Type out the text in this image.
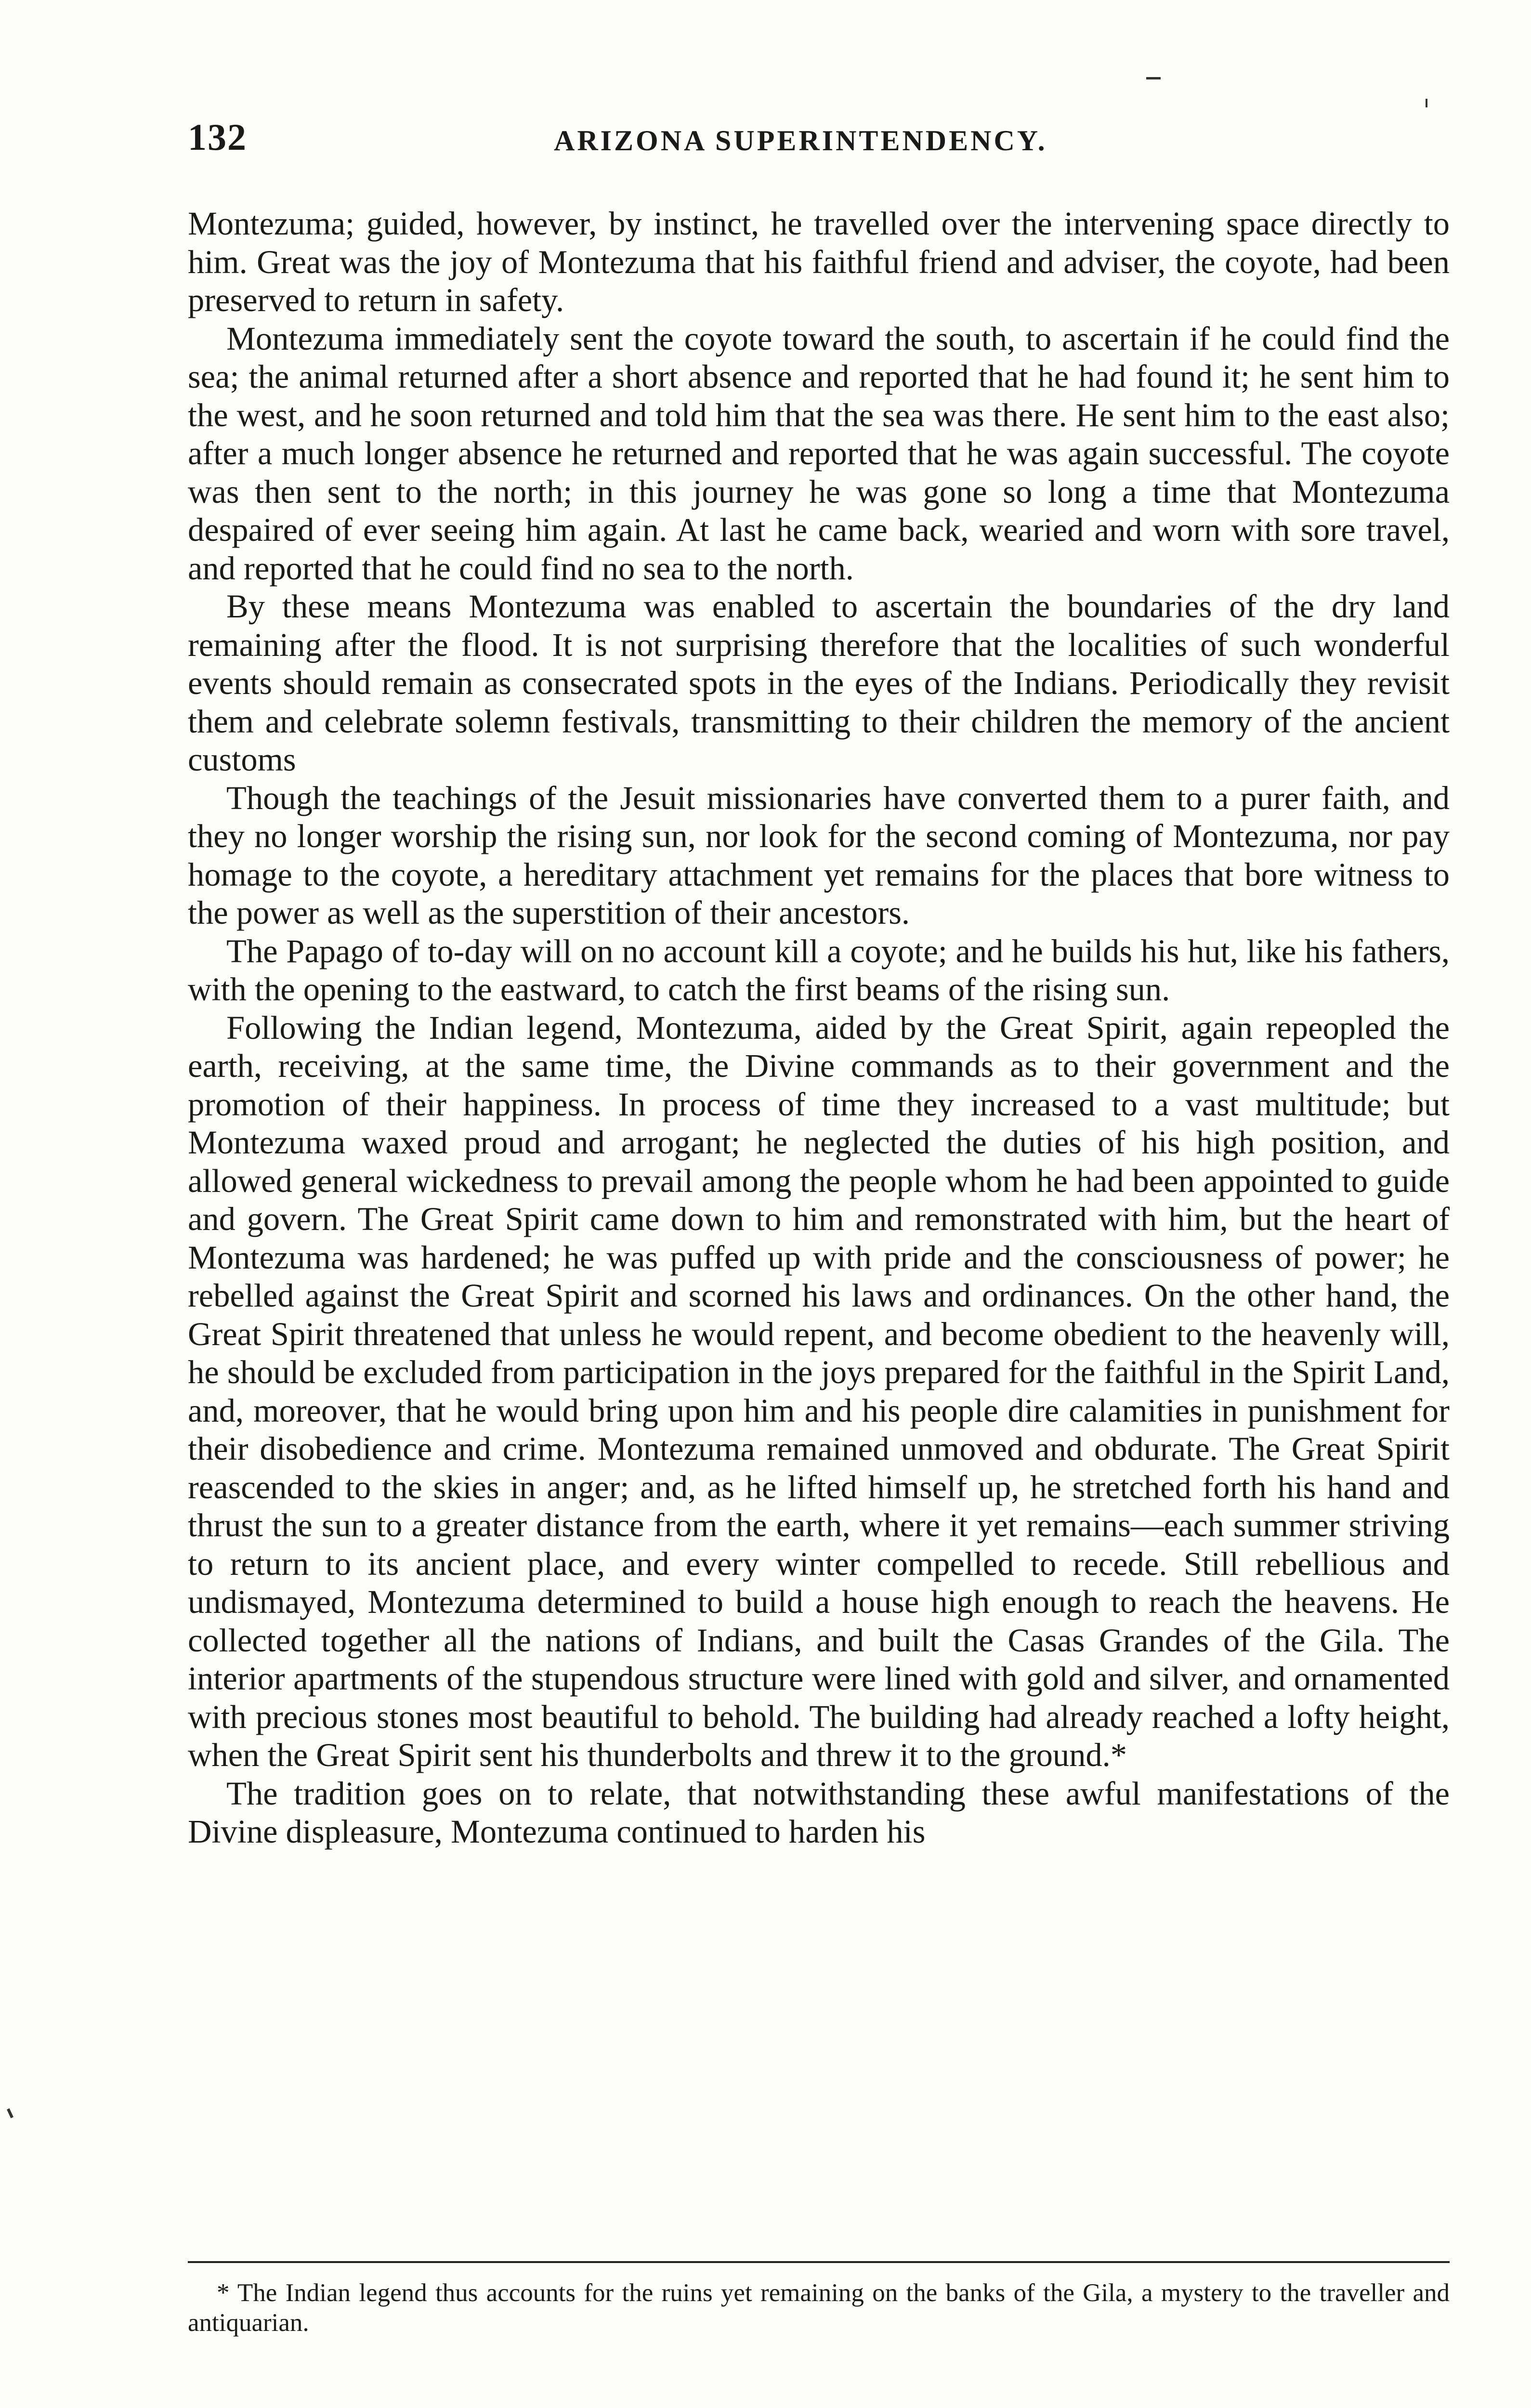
132	ARIZONA SUPERINTENDENCY.

Montezuma; guided, however, by instinct, he travelled over the intervening space directly to him. Great was the joy of Montezuma that his faithful friend and adviser, the coyote, had been preserved to return in safety.

Montezuma immediately sent the coyote toward the south, to ascertain if he could find the sea; the animal returned after a short absence and reported that he had found it; he sent him to the west, and he soon returned and told him that the sea was there. He sent him to the east also; after a much longer absence he returned and reported that he was again successful. The coyote was then sent to the north; in this journey he was gone so long a time that Montezuma despaired of ever seeing him again. At last he came back, wearied and worn with sore travel, and reported that he could find no sea to the north.

By these means Montezuma was enabled to ascertain the boundaries of the dry land remaining after the flood. It is not surprising therefore that the localities of such wonderful events should remain as consecrated spots in the eyes of the Indians. Periodically they revisit them and celebrate solemn festivals, transmitting to their children the memory of the ancient customs

Though the teachings of the Jesuit missionaries have converted them to a purer faith, and they no longer worship the rising sun, nor look for the second coming of Montezuma, nor pay homage to the coyote, a hereditary attachment yet remains for the places that bore witness to the power as well as the superstition of their ancestors.

The Papago of to-day will on no account kill a coyote; and he builds his hut, like his fathers, with the opening to the eastward, to catch the first beams of the rising sun.

Following the Indian legend, Montezuma, aided by the Great Spirit, again repeopled the earth, receiving, at the same time, the Divine commands as to their government and the promotion of their happiness. In process of time they increased to a vast multitude; but Montezuma waxed proud and arrogant; he neglected the duties of his high position, and allowed general wickedness to prevail among the people whom he had been appointed to guide and govern. The Great Spirit came down to him and remonstrated with him, but the heart of Montezuma was hardened; he was puffed up with pride and the consciousness of power; he rebelled against the Great Spirit and scorned his laws and ordinances. On the other hand, the Great Spirit threatened that unless he would repent, and become obedient to the heavenly will, he should be excluded from participation in the joys prepared for the faithful in the Spirit Land, and, moreover, that he would bring upon him and his people dire calamities in punishment for their disobedience and crime. Montezuma remained unmoved and obdurate. The Great Spirit reascended to the skies in anger; and, as he lifted himself up, he stretched forth his hand and thrust the sun to a greater distance from the earth, where it yet remains—each summer striving to return to its ancient place, and every winter compelled to recede. Still rebellious and undismayed, Montezuma determined to build a house high enough to reach the heavens. He collected together all the nations of Indians, and built the Casas Grandes of the Gila. The interior apartments of the stupendous structure were lined with gold and silver, and ornamented with precious stones most beautiful to behold. The building had already reached a lofty height, when the Great Spirit sent his thunderbolts and threw it to the ground.*

The tradition goes on to relate, that notwithstanding these awful manifestations of the Divine displeasure, Montezuma continued to harden his

* The Indian legend thus accounts for the ruins yet remaining on the banks of the Gila, a mystery to the traveller and antiquarian.
